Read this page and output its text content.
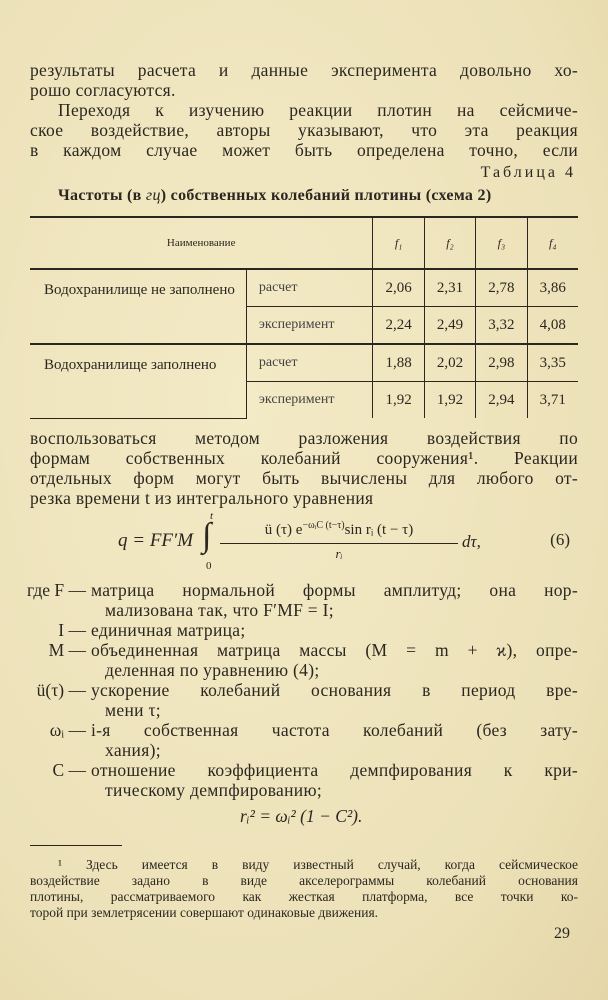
результаты расчета и данные эксперимента довольно хо-
рошо согласуются.
Переходя к изучению реакции плотин на сейсмиче-
ское воздействие, авторы указывают, что эта реакция
в каждом случае может быть определена точно, если
Таблица 4
Частоты (в гц) собственных колебаний плотины (схема 2)
Наименование		f₁	f₂	f₃	f₄
Водохранилище не заполнено	расчет	2,06	2,31	2,78	3,86
	эксперимент	2,24	2,49	3,32	4,08
Водохранилище заполнено	расчет	1,88	2,02	2,98	3,35
	эксперимент	1,92	1,92	2,94	3,71
воспользоваться методом разложения воздействия по
формам собственных колебаний сооружения¹. Реакции
отдельных форм могут быть вычислены для любого от-
резка времени t из интегрального уравнения
q = FF′M ∫
t
0
ü (τ) $e^{-\omega ᵢC (t-\tau)}\sin$ rᵢ (t − τ)
rᵢ
dτ,	(6)
где F — матрица нормальной формы амплитуд; она нор-
мализована так, что F′MF = I;
I — единичная матрица;
M — объединенная матрица массы (M = m + ϰ), опре-
деленная по уравнению (4);
ü(τ) — ускорение колебаний основания в период вре-
мени τ;
ωᵢ — i-я собственная частота колебаний (без зату-
хания);
C — отношение коэффициента демпфирования к кри-
тическому демпфированию;
rᵢ² = ωᵢ² (1 − C²).
¹ Здесь имеется в виду известный случай, когда сейсмическое
воздействие задано в виде акселерограммы колебаний основания
плотины, рассматриваемого как жесткая платформа, все точки ко-
торой при землетрясении совершают одинаковые движения.
29
